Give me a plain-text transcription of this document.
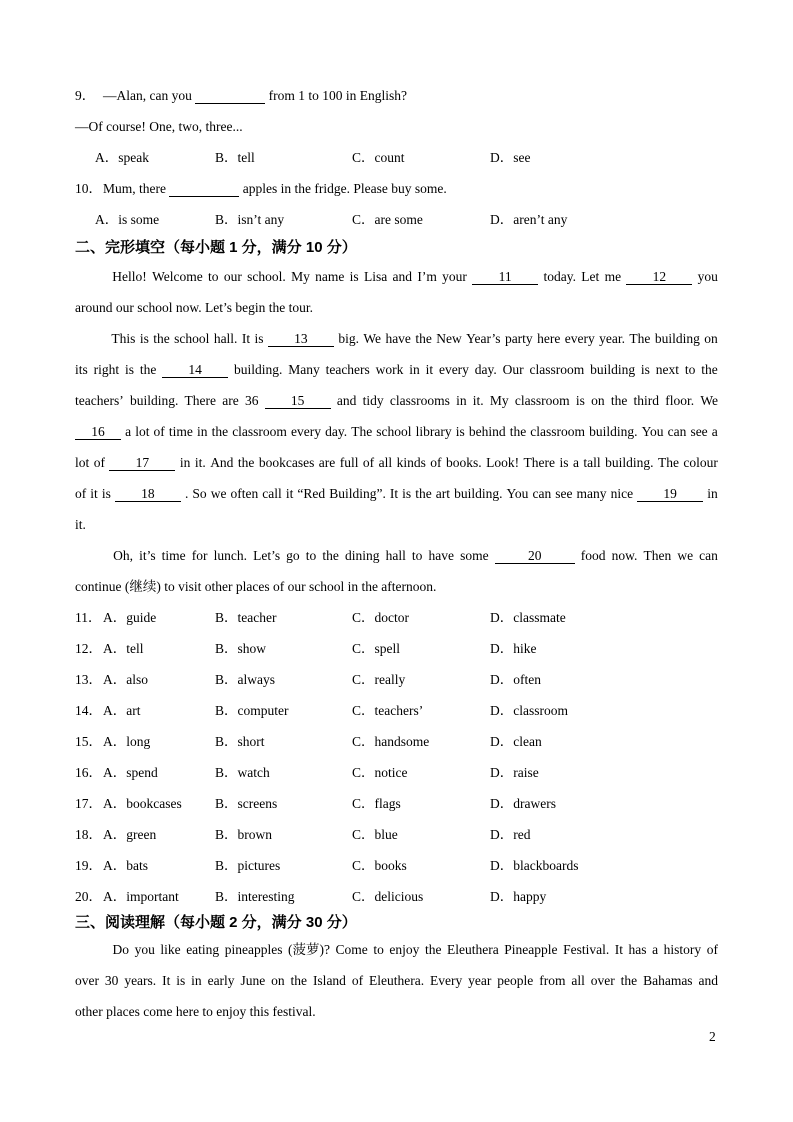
9． —Alan, can you	from 1 to 100 in English?
—Of course! One, two, three...
A．speak	B．tell	C．count	D．see
10．Mum, there	apples in the fridge. Please buy some.
A．is some	B．isn’t any	C．are some	D．aren’t any
二、完形填空（每小题 1 分，满分 10 分）
Hello! Welcome to our school. My name is Lisa and I’m your	11	today. Let me	12	you
around our school now. Let’s begin the tour.
This is the school hall. It is	13	big. We have the New Year’s party here every year. The building on
its right is the	14	building. Many teachers work in it every day. Our classroom building is next to the
teachers’ building. There are 36	15	and tidy classrooms in it. My classroom is on the third floor. We
16	a lot of time in the classroom every day. The school library is behind the classroom building. You can see a
lot of	17	in it. And the bookcases are full of all kinds of books. Look! There is a tall building. The colour
of it is	18	. So we often call it “Red Building”. It is the art building. You can see many nice	19	in
it.
Oh, it’s time for lunch. Let’s go to the dining hall to have some	20	food now. Then we can
continue (继续) to visit other places of our school in the afternoon.
11． A．guide	B．teacher	C．doctor	D．classmate
12． A．tell	B．show	C．spell	D．hike
13． A．also	B．always	C．really	D．often
14． A．art	B．computer	C．teachers’	D．classroom
15． A．long	B．short	C．handsome	D．clean
16． A．spend	B．watch	C．notice	D．raise
17． A．bookcases B．screens	C．flags	D．drawers
18． A．green	B．brown	C．blue	D．red
19． A．bats	B．pictures	C．books	D．blackboards
20． A．important	B．interesting	C．delicious	D．happy
三、阅读理解（每小题 2 分，满分 30 分）
Do you like eating pineapples (菠萝)? Come to enjoy the Eleuthera Pineapple Festival. It has a history of
over 30 years. It is in early June on the Island of Eleuthera. Every year people from all over the Bahamas and
other places come here to enjoy this festival.
2
